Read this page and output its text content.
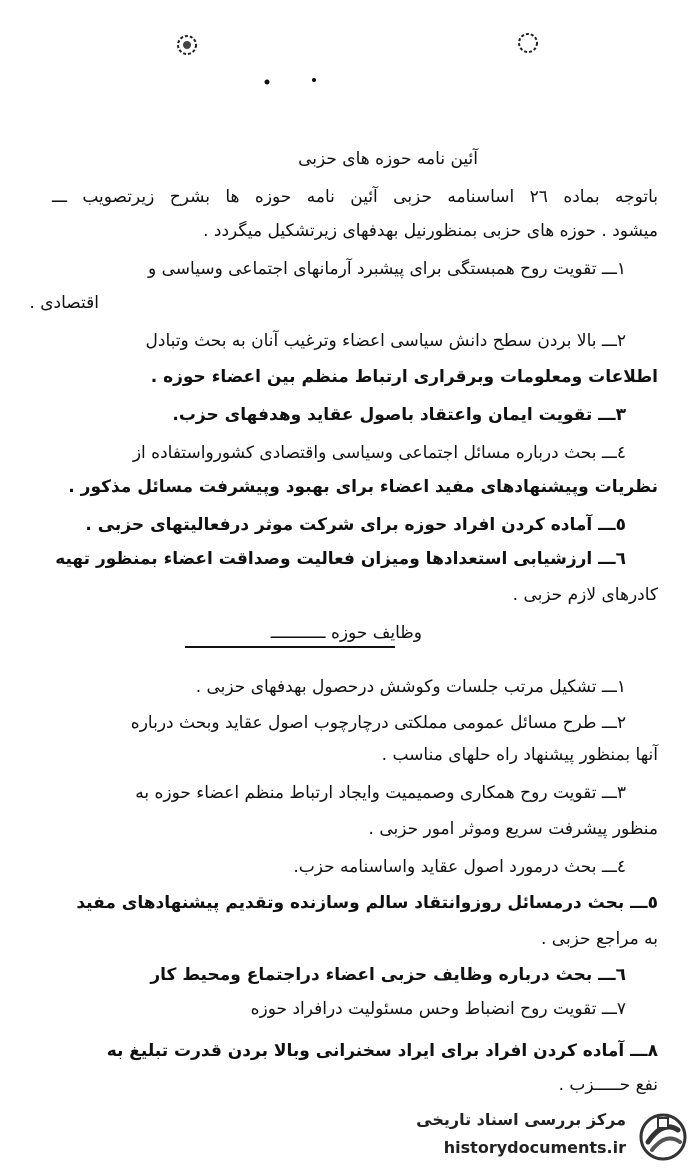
آئین نامه حوزه های حزبی
باتوجه بماده ۲٦ اساسنامه حزبی آئین نامه حوزه ها بشرح زیرتصویب ـــ
میشود . حوزه های حزبی بمنظورنیل بهدفهای زیرتشکیل میگردد .
۱ـــ تقویت روح همبستگی برای پیشبرد آرمانهای اجتماعی وسیاسی و
اقتصادی .
۲ـــ بالا بردن سطح دانش سیاسی اعضاء وترغیب آنان به بحث وتبادل
اطلاعات ومعلومات وبرقراری ارتباط منظم بین اعضاء حوزه .
۳ـــ تقویت ایمان واعتقاد باصول عقاید وهدفهای حزب.
٤ـــ بحث درباره مسائل اجتماعی وسیاسی واقتصادی کشورواستفاده از
نظریات وپیشنهادهای مفید اعضاء برای بهبود وپیشرفت مسائل مذکور .
٥ـــ آماده کردن افراد حوزه برای شرکت موثر درفعالیتهای حزبی .
٦ـــ ارزشیابی استعدادها ومیزان فعالیت وصداقت اعضاء بمنظور تهیه
کادرهای لازم حزبی .
وظایف حوزه ـــــــــــ
۱ـــ تشکیل مرتب جلسات وکوشش درحصول بهدفهای حزبی .
۲ـــ طرح مسائل عمومی مملکتی درچارچوب اصول عقاید وبحث درباره
آنها بمنظور پیشنهاد راه حلهای مناسب .
۳ـــ تقویت روح همکاری وصمیمیت وایجاد ارتباط منظم اعضاء حوزه به
منظور پیشرفت سریع وموثر امور حزبی .
٤ـــ بحث درمورد اصول عقاید واساسنامه حزب.
٥ـــ بحث درمسائل روزوانتقاد سالم وسازنده وتقدیم پیشنهادهای مفید
به مراجع حزبی .
٦ـــ بحث درباره وظایف حزبی اعضاء دراجتماع ومحیط کار
۷ـــ تقویت روح انضباط وحس مسئولیت درافراد حوزه
۸ـــ آماده کردن افراد برای ایراد سخنرانی وبالا بردن قدرت تبلیغ به
نفع حـــــزب .
مرکز بررسی اسناد تاریخی
historydocuments.ir
